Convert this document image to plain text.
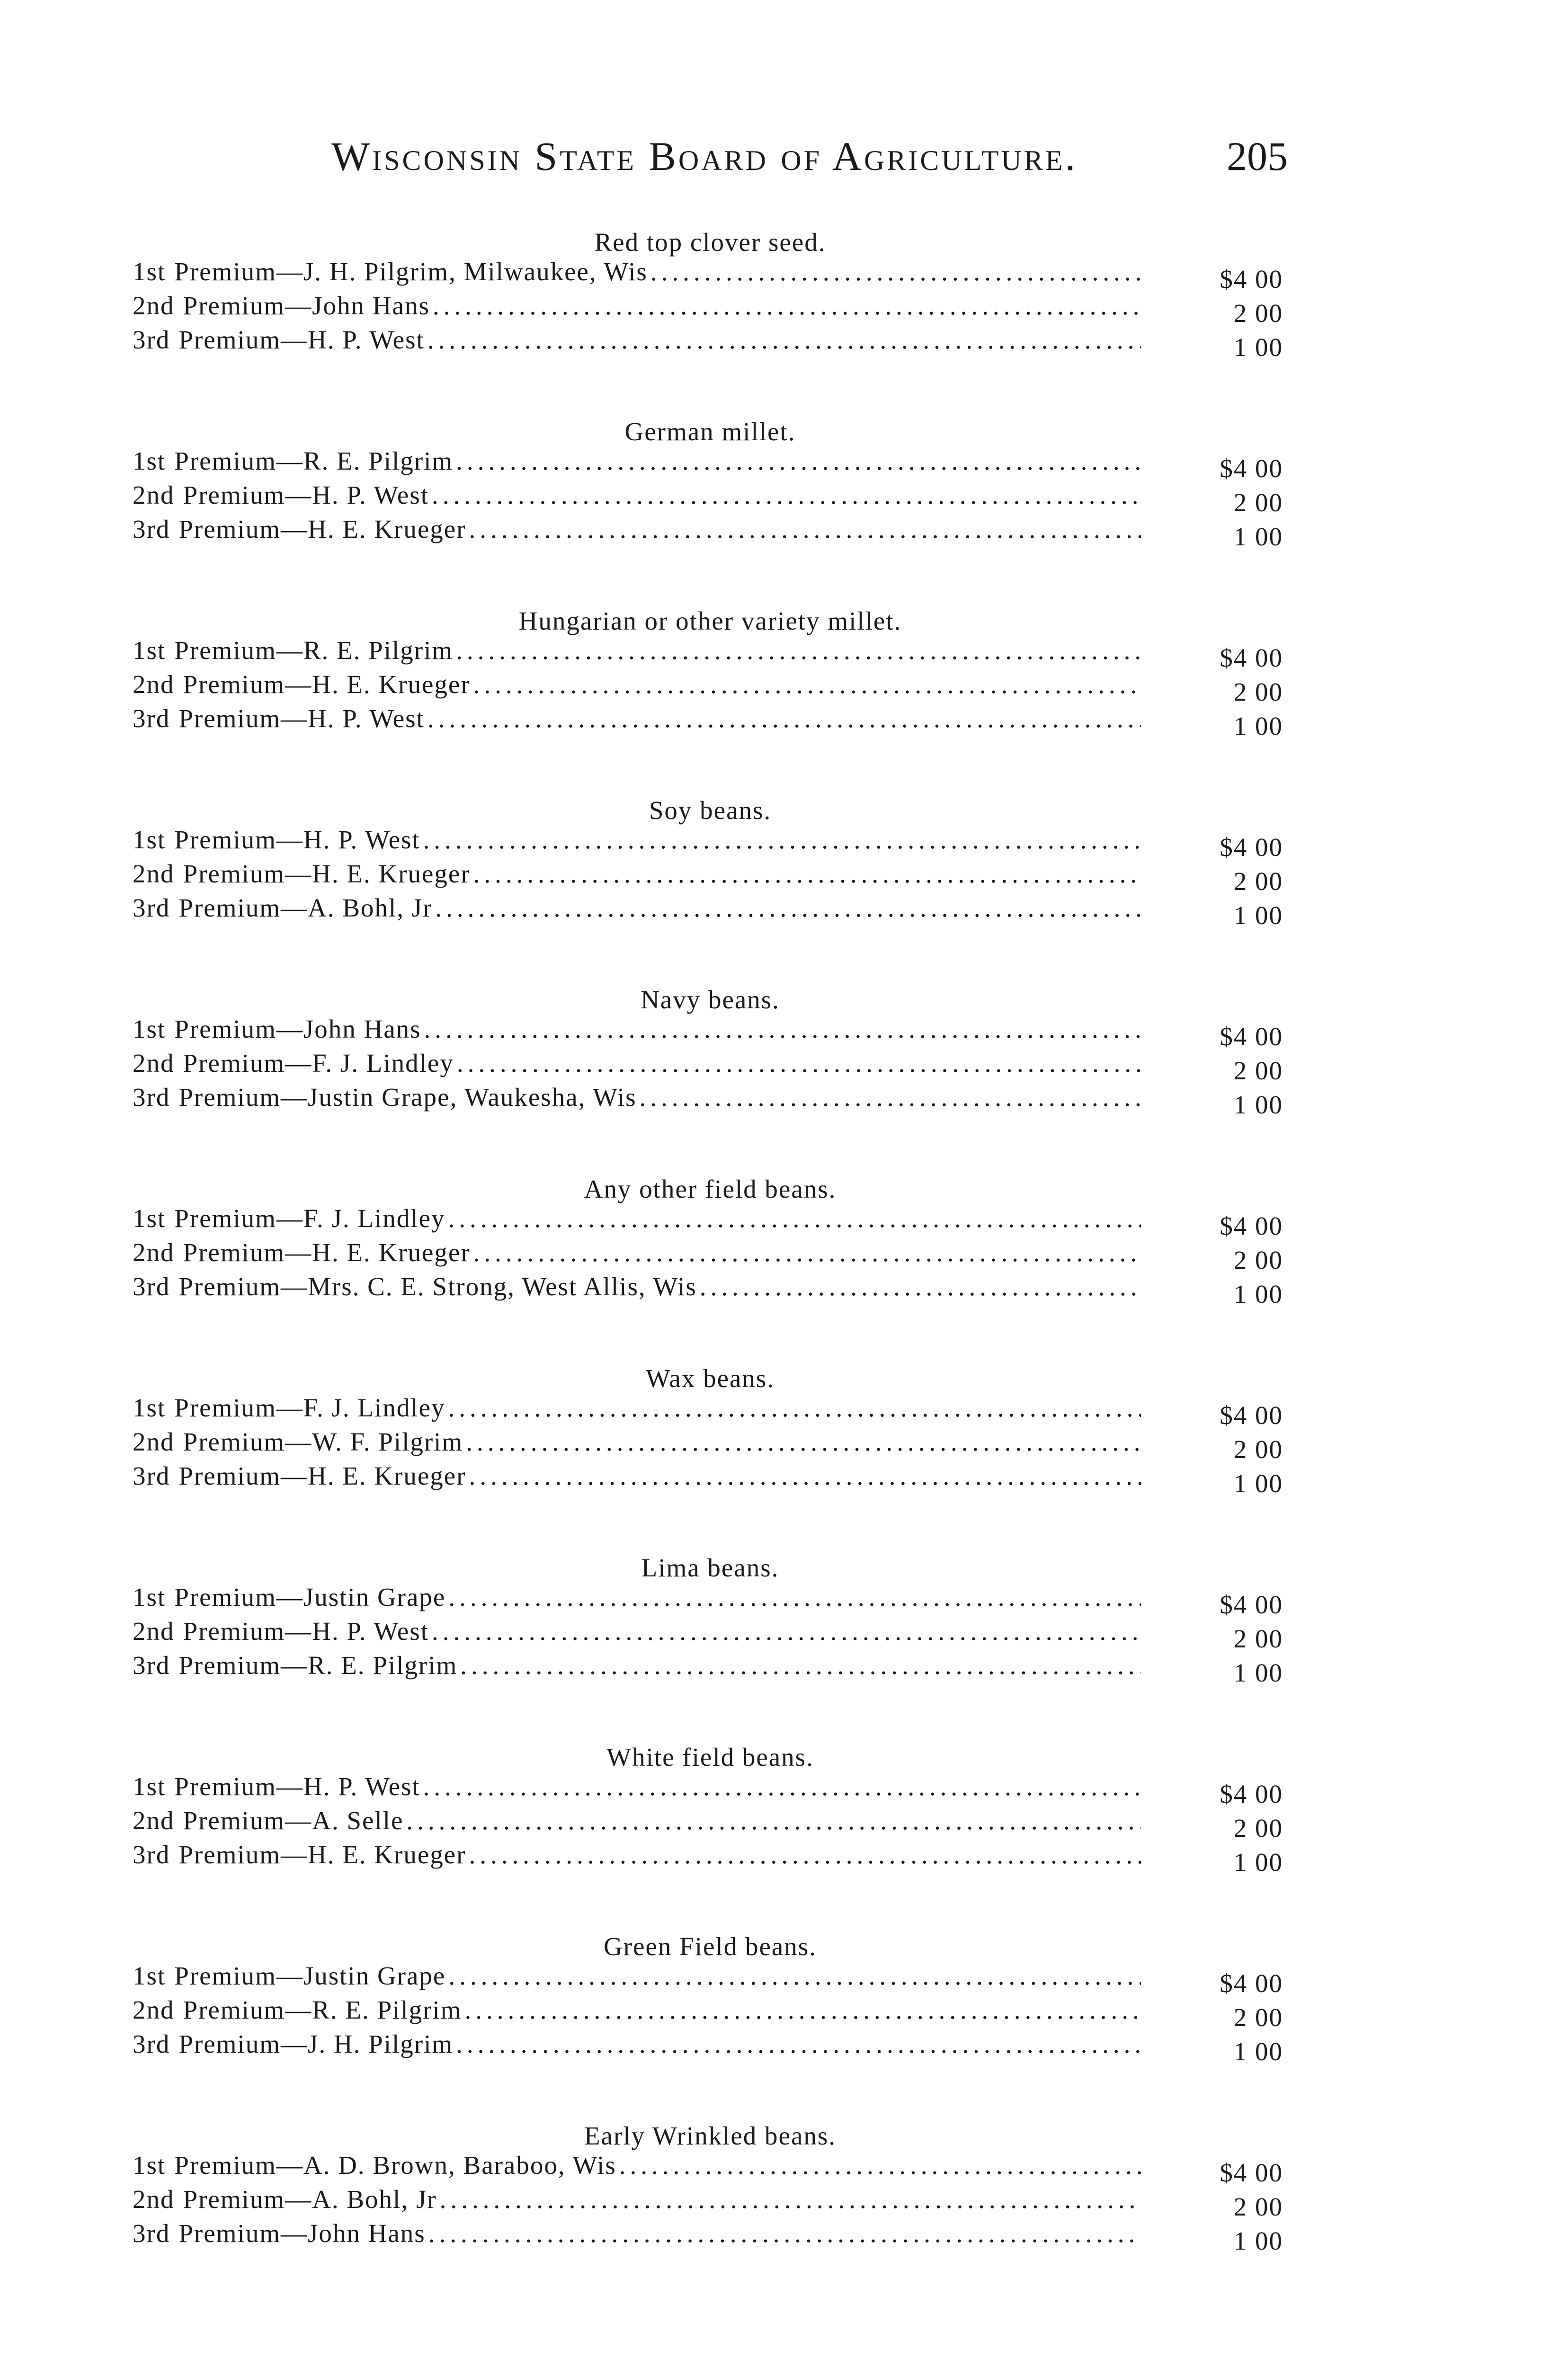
Wisconsin State Board of Agriculture.	205
Red top clover seed.
1st Premium—J. H. Pilgrim, Milwaukee, Wis .....	$4 00
2nd Premium—John Hans .....	2 00
3rd Premium—H. P. West .....	1 00
German millet.
1st Premium—R. E. Pilgrim .....	$4 00
2nd Premium—H. P. West .....	2 00
3rd Premium—H. E. Krueger .....	1 00
Hungarian or other variety millet.
1st Premium—R. E. Pilgrim .....	$4 00
2nd Premium—H. E. Krueger .....	2 00
3rd Premium—H. P. West .....	1 00
Soy beans.
1st Premium—H. P. West .....	$4 00
2nd Premium—H. E. Krueger .....	2 00
3rd Premium—A. Bohl, Jr .....	1 00
Navy beans.
1st Premium—John Hans .....	$4 00
2nd Premium—F. J. Lindley .....	2 00
3rd Premium—Justin Grape, Waukesha, Wis .....	1 00
Any other field beans.
1st Premium—F. J. Lindley .....	$4 00
2nd Premium—H. E. Krueger .....	2 00
3rd Premium—Mrs. C. E. Strong, West Allis, Wis .....	1 00
Wax beans.
1st Premium—F. J. Lindley .....	$4 00
2nd Premium—W. F. Pilgrim .....	2 00
3rd Premium—H. E. Krueger .....	1 00
Lima beans.
1st Premium—Justin Grape .....	$4 00
2nd Premium—H. P. West .....	2 00
3rd Premium—R. E. Pilgrim .....	1 00
White field beans.
1st Premium—H. P. West .....	$4 00
2nd Premium—A. Selle .....	2 00
3rd Premium—H. E. Krueger .....	1 00
Green Field beans.
1st Premium—Justin Grape .....	$4 00
2nd Premium—R. E. Pilgrim .....	2 00
3rd Premium—J. H. Pilgrim .....	1 00
Early Wrinkled beans.
1st Premium—A. D. Brown, Baraboo, Wis .....	$4 00
2nd Premium—A. Bohl, Jr .....	2 00
3rd Premium—John Hans .....	1 00
